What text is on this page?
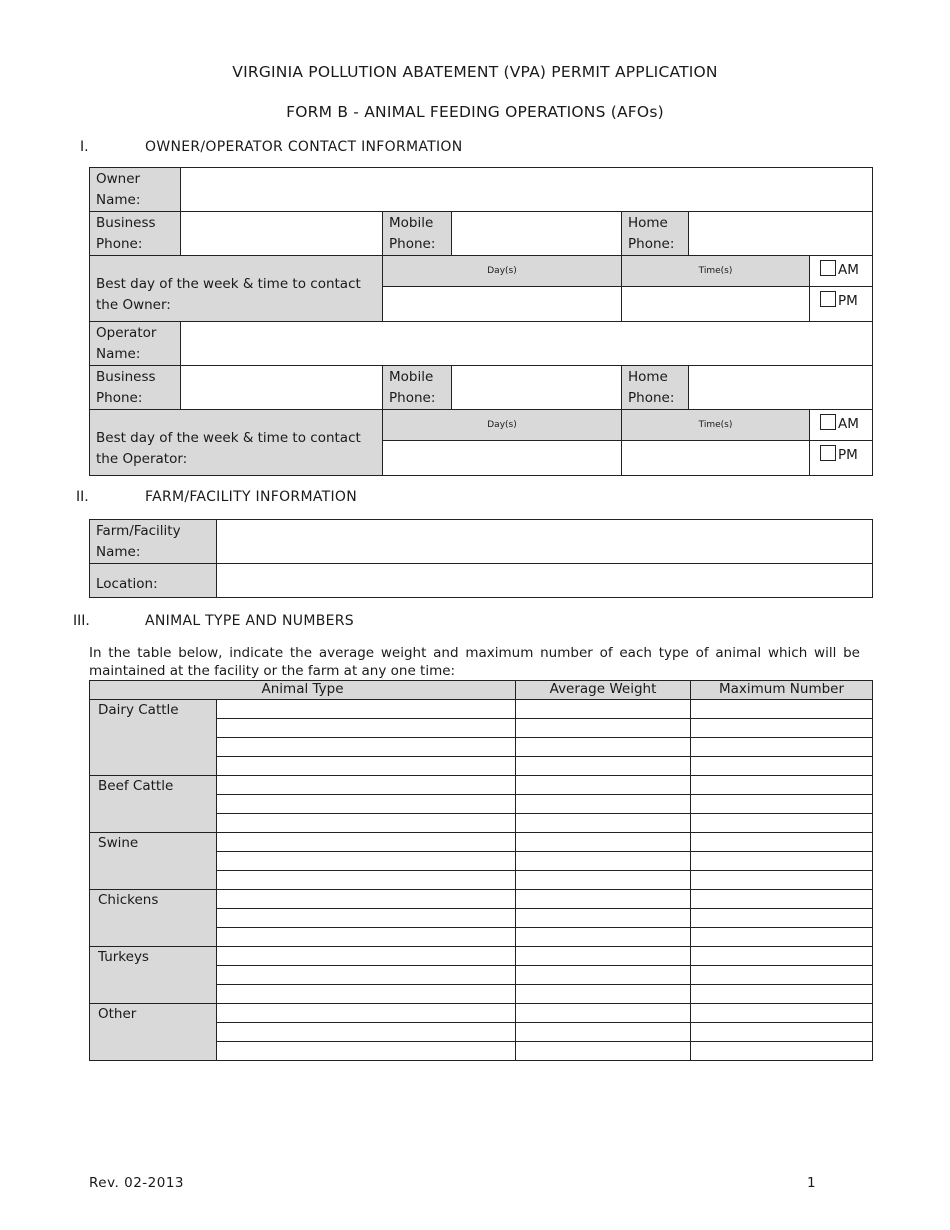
VIRGINIA POLLUTION ABATEMENT (VPA) PERMIT APPLICATION
FORM B - ANIMAL FEEDING OPERATIONS (AFOs)
I.	OWNER/OPERATOR CONTACT INFORMATION
Owner Name:						
Business Phone:		Mobile Phone:		Home Phone:		
Best day of the week & time to contact the Owner:		Day(s)		Time(s)		AM
						PM
Operator Name:						
Business Phone:		Mobile Phone:		Home Phone:		
Best day of the week & time to contact the Operator:		Day(s)		Time(s)		AM
						PM
II.	FARM/FACILITY INFORMATION
Farm/Facility Name:	
Location:	
III.	ANIMAL TYPE AND NUMBERS
In the table below, indicate the average weight and maximum number of each type of animal which will be maintained at the facility or the farm at any one time:
Animal Type		Average Weight	Maximum Number
Dairy Cattle			

Beef Cattle			

Swine			

Chickens			

Turkeys			

Other			

Rev. 02-2013	1
